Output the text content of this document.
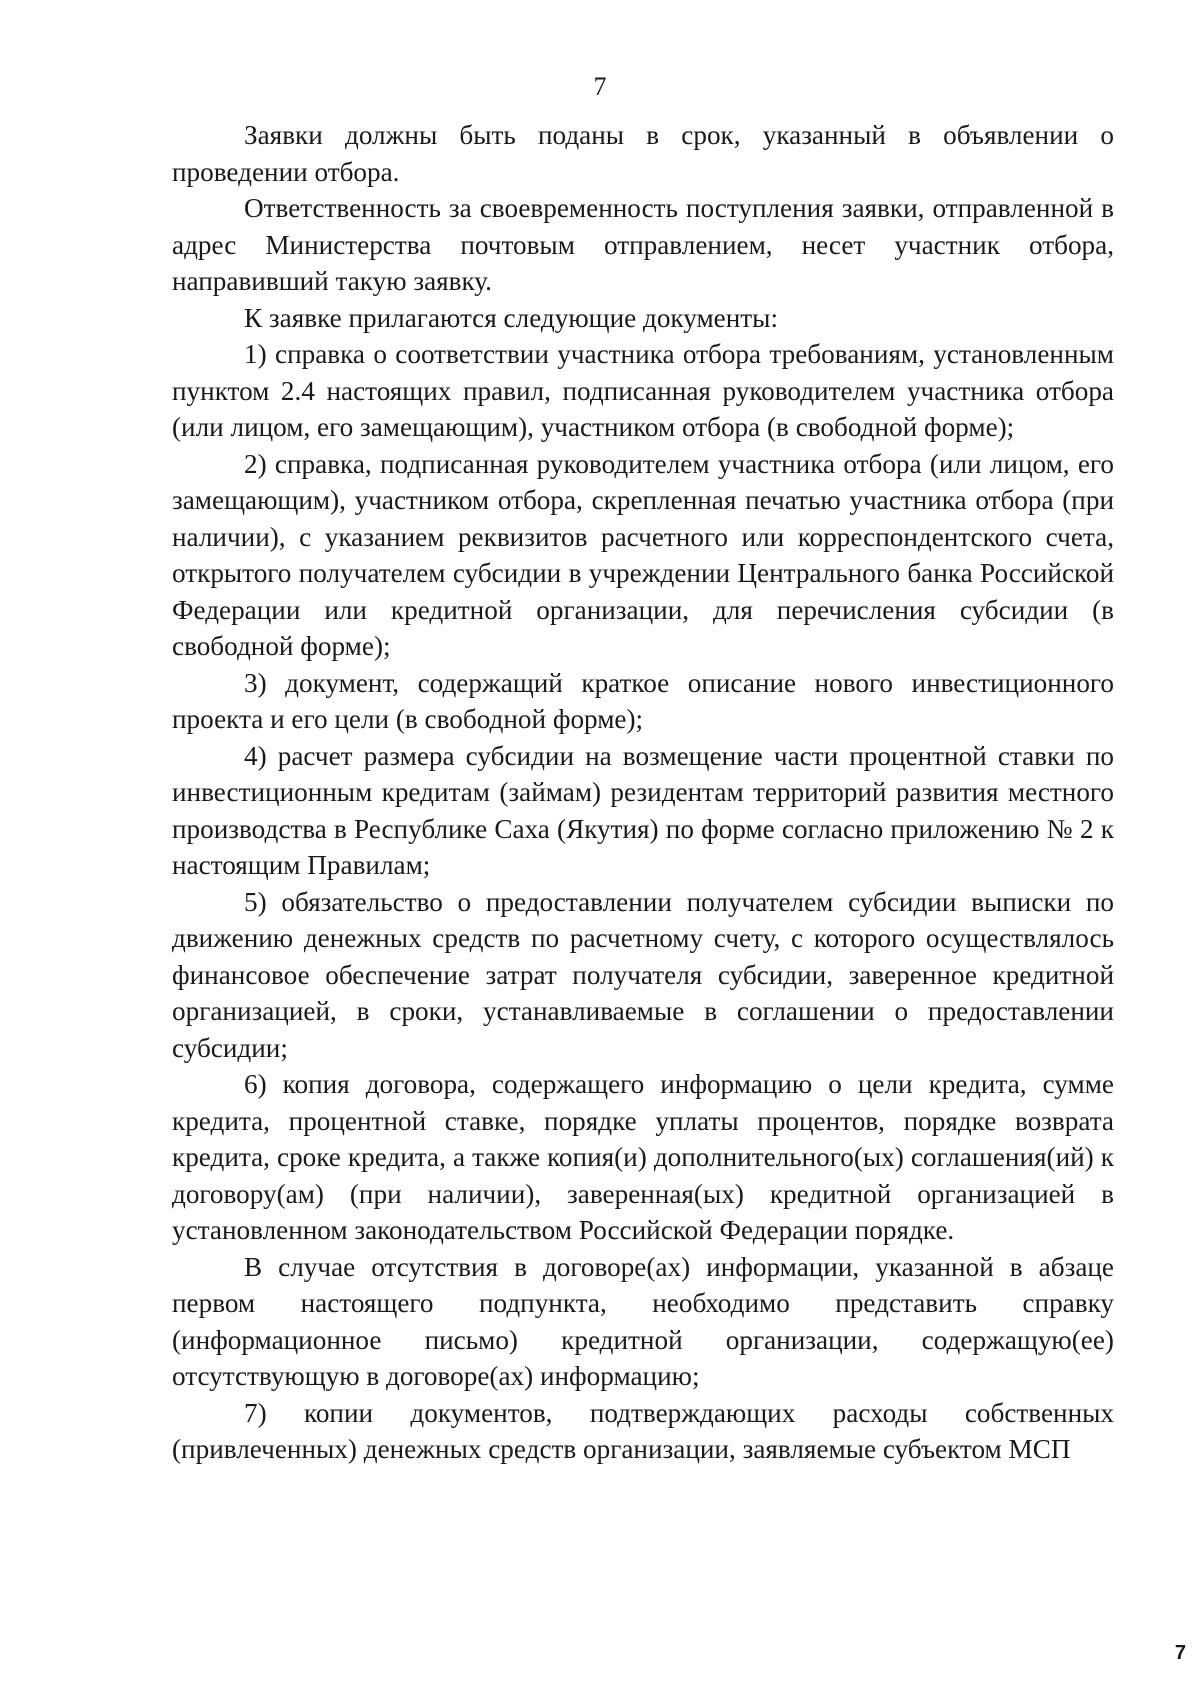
7

Заявки должны быть поданы в срок, указанный в объявлении о проведении отбора.

Ответственность за своевременность поступления заявки, отправленной в адрес Министерства почтовым отправлением, несет участник отбора, направивший такую заявку.

К заявке прилагаются следующие документы:

1) справка о соответствии участника отбора требованиям, установленным пунктом 2.4 настоящих правил, подписанная руководителем участника отбора (или лицом, его замещающим), участником отбора (в свободной форме);

2) справка, подписанная руководителем участника отбора (или лицом, его замещающим), участником отбора, скрепленная печатью участника отбора (при наличии), с указанием реквизитов расчетного или корреспондентского счета, открытого получателем субсидии в учреждении Центрального банка Российской Федерации или кредитной организации, для перечисления субсидии (в свободной форме);

3) документ, содержащий краткое описание нового инвестиционного проекта и его цели (в свободной форме);

4) расчет размера субсидии на возмещение части процентной ставки по инвестиционным кредитам (займам) резидентам территорий развития местного производства в Республике Саха (Якутия) по форме согласно приложению № 2 к настоящим Правилам;

5) обязательство о предоставлении получателем субсидии выписки по движению денежных средств по расчетному счету, с которого осуществлялось финансовое обеспечение затрат получателя субсидии, заверенное кредитной организацией, в сроки, устанавливаемые в соглашении о предоставлении субсидии;

6) копия договора, содержащего информацию о цели кредита, сумме кредита, процентной ставке, порядке уплаты процентов, порядке возврата кредита, сроке кредита, а также копия(и) дополнительного(ых) соглашения(ий) к договору(ам) (при наличии), заверенная(ых) кредитной организацией в установленном законодательством Российской Федерации порядке.

В случае отсутствия в договоре(ах) информации, указанной в абзаце первом настоящего подпункта, необходимо представить справку (информационное письмо) кредитной организации, содержащую(ее) отсутствующую в договоре(ах) информацию;

7) копии документов, подтверждающих расходы собственных (привлеченных) денежных средств организации, заявляемые субъектом МСП

7
